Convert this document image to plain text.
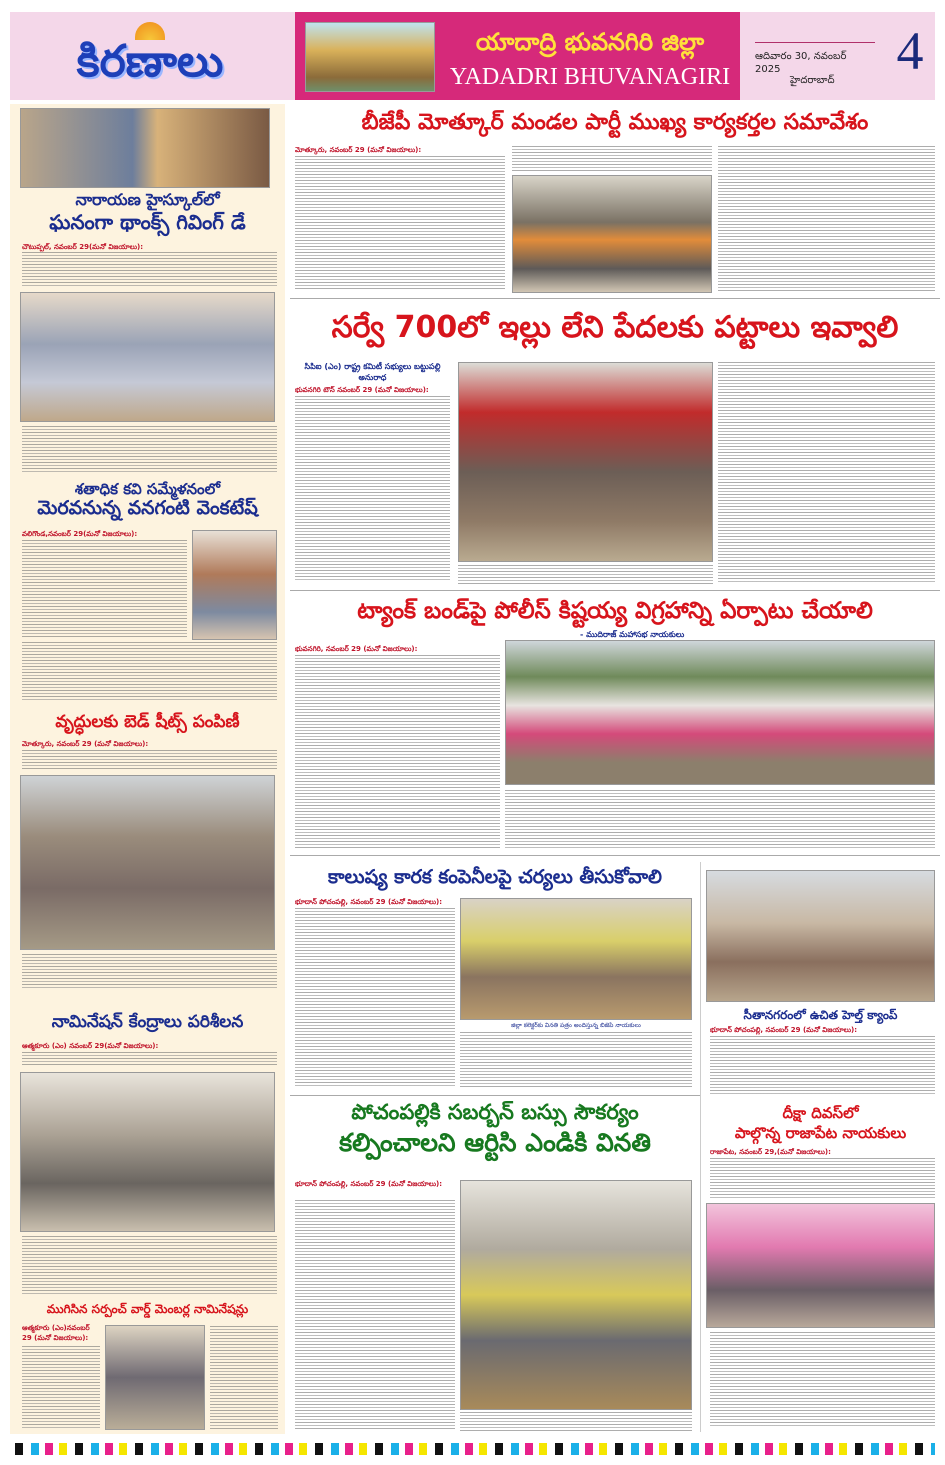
కిరణాలు	యాదాద్రి భువనగిరి జిల్లా
YADADRI BHUVANAGIRI
ఆదివారం 30, నవంబర్ 2025
హైదరాబాద్ 4
నారాయణ హైస్కూల్‌లో
ఘనంగా థాంక్స్ గివింగ్ డే
చౌటుప్పల్, నవంబర్ 29(మనో విజయాలు):
శతాధిక కవి సమ్మేళనంలో
మెరవనున్న వనగంటి వెంకటేష్
వలిగొండ,నవంబర్ 29(మనో విజయాలు):
వృద్ధులకు బెడ్ షీట్స్ పంపిణీ
మోత్కూరు, నవంబర్ 29 (మనో విజయాలు):
నామినేషన్ కేంద్రాలు పరిశీలన
ఆత్మకూరు (ఎం) నవంబర్ 29(మనో విజయాలు):
ముగిసిన సర్పంచ్ వార్డ్ మెంబర్ల నామినేషన్లు
ఆత్మకూరు (ఎం)నవంబర్ 29 (మనో విజయాలు):
బీజేపీ మోత్కూర్ మండల పార్టీ ముఖ్య కార్యకర్తల సమావేశం
మోత్కూరు, నవంబర్ 29 (మనో విజయాలు):
సర్వే 700లో ఇల్లు లేని పేదలకు పట్టాలు ఇవ్వాలి
సిపిఐ (ఎం) రాష్ట్ర కమిటీ సభ్యులు బట్టుపల్లి అనురాధ
భువనగిరి టౌన్ నవంబర్ 29 (మనో విజయాలు):
ట్యాంక్ బండ్‌పై పోలీస్ కిష్టయ్య విగ్రహాన్ని ఏర్పాటు చేయాలి
- ముదిరాజ్ మహాసభ నాయకులు
భువనగిరి, నవంబర్ 29 (మనో విజయాలు):
కాలుష్య కారక కంపెనీలపై చర్యలు తీసుకోవాలి
భూదాన్ పోచంపల్లి, నవంబర్ 29 (మనో విజయాలు):
జిల్లా కలెక్టర్‌కు వినతి పత్రం అందిస్తున్న బిజెపి నాయకులు
పోచంపల్లికి సబర్బన్ బస్సు సౌకర్యం
కల్పించాలని ఆర్టిసి ఎండికి వినతి
భూదాన్ పోచంపల్లి, నవంబర్ 29 (మనో విజయాలు):
సీతానగరంలో ఉచిత హెల్త్ క్యాంప్
భూదాన్ పోచంపల్లి, నవంబర్ 29 (మనో విజయాలు):
దీక్షా దివస్‌లో
పాల్గొన్న రాజాపేట నాయకులు
రాజాపేట, నవంబర్ 29,(మనో విజయాలు):
